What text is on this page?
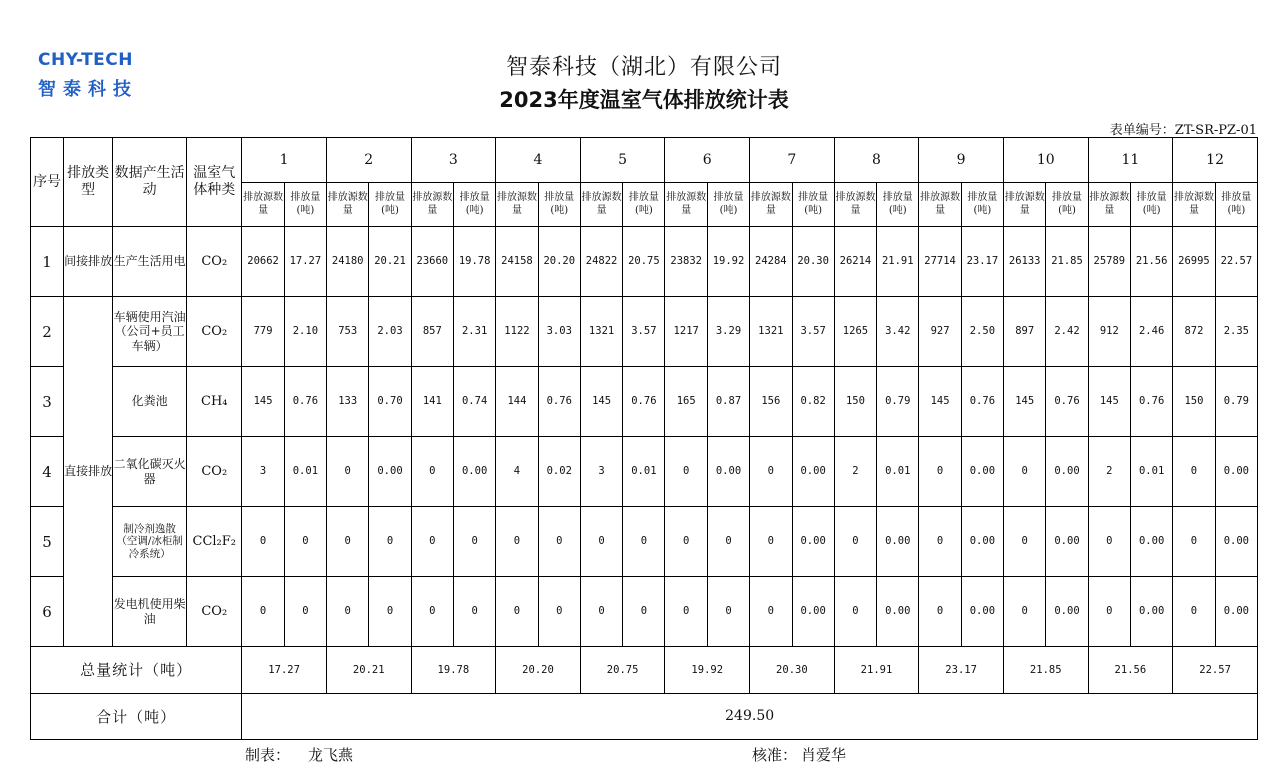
CHY-TECH
智泰科技
智泰科技（湖北）有限公司
2023年度温室气体排放统计表
表单编号：ZT-SR-PZ-01
序号	排放类型	数据产生活动	温室气体种类	1		2		3		4		5		6		7		8		9		10		11		12	
				排放源数量	排放量(吨)	排放源数量	排放量(吨)	排放源数量	排放量(吨)	排放源数量	排放量(吨)	排放源数量	排放量(吨)	排放源数量	排放量(吨)	排放源数量	排放量(吨)	排放源数量	排放量(吨)	排放源数量	排放量(吨)	排放源数量	排放量(吨)	排放源数量	排放量(吨)	排放源数量	排放量(吨)
1	间接排放	生产生活用电	CO₂	20662	17.27	24180	20.21	23660	19.78	24158	20.20	24822	20.75	23832	19.92	24284	20.30	26214	21.91	27714	23.17	26133	21.85	25789	21.56	26995	22.57
2	直接排放	车辆使用汽油（公司+员工车辆）	CO₂	779	2.10	753	2.03	857	2.31	1122	3.03	1321	3.57	1217	3.29	1321	3.57	1265	3.42	927	2.50	897	2.42	912	2.46	872	2.35
3		化粪池	CH₄	145	0.76	133	0.70	141	0.74	144	0.76	145	0.76	165	0.87	156	0.82	150	0.79	145	0.76	145	0.76	145	0.76	150	0.79
4		二氧化碳灭火器	CO₂	3	0.01	0	0.00	0	0.00	4	0.02	3	0.01	0	0.00	0	0.00	2	0.01	0	0.00	0	0.00	2	0.01	0	0.00
5		制冷剂逸散（空调/冰柜制冷系统）	CCl₂F₂	0	0	0	0	0	0	0	0	0	0	0	0	0	0.00	0	0.00	0	0.00	0	0.00	0	0.00	0	0.00
6		发电机使用柴油	CO₂	0	0	0	0	0	0	0	0	0	0	0	0	0	0.00	0	0.00	0	0.00	0	0.00	0	0.00	0	0.00
总量统计（吨）				17.27		20.21		19.78		20.20		20.75		19.92		20.30		21.91		23.17		21.85		21.56		22.57	
合计（吨）				249.50																							
制表： 龙飞燕	核准： 肖爱华
